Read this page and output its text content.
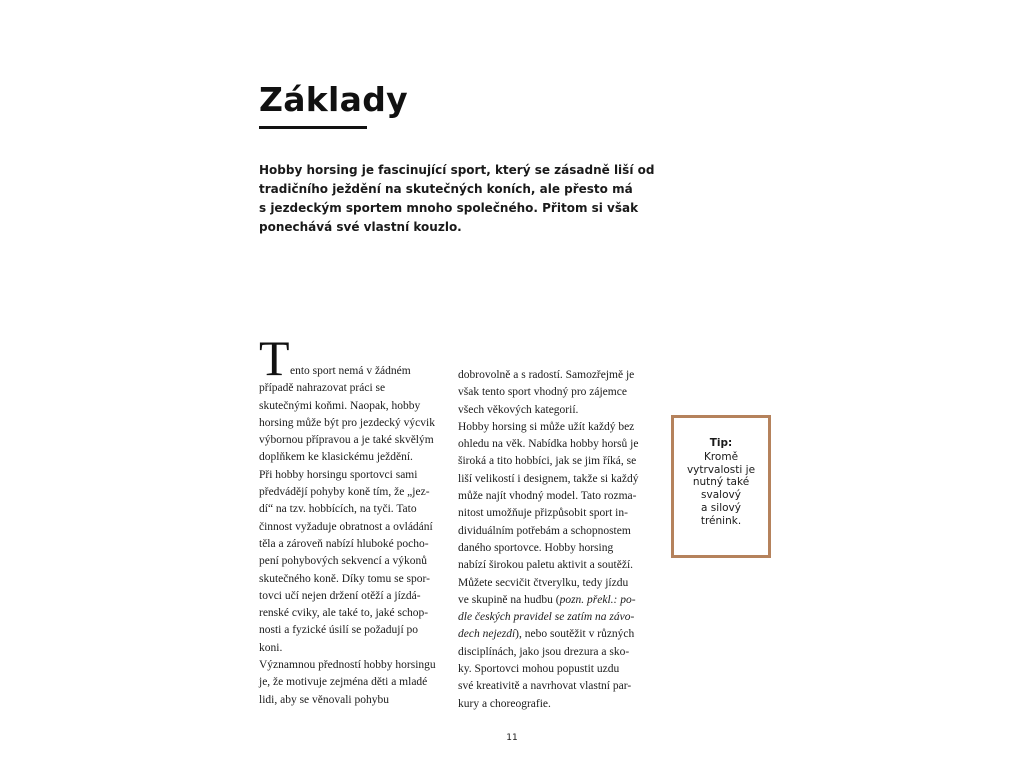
Základy

Hobby horsing je fascinující sport, který se zásadně liší od
tradičního ježdění na skutečných koních, ale přesto má
s jezdeckým sportem mnoho společného. Přitom si však
ponechává své vlastní kouzlo.

T ento sport nemá v žádném
případě nahrazovat práci se
skutečnými koňmi. Naopak, hobby
horsing může být pro jezdecký výcvik
výbornou přípravou a je také skvělým
doplňkem ke klasickému ježdění.
Při hobby horsingu sportovci sami
předvádějí pohyby koně tím, že „jez-
dí“ na tzv. hobbících, na tyči. Tato
činnost vyžaduje obratnost a ovládání
těla a zároveň nabízí hluboké pocho-
pení pohybových sekvencí a výkonů
skutečného koně. Díky tomu se spor-
tovci učí nejen držení otěží a jízdá-
renské cviky, ale také to, jaké schop-
nosti a fyzické úsilí se požadují po
koni.
Významnou předností hobby horsingu
je, že motivuje zejména děti a mladé
lidi, aby se věnovali pohybu
dobrovolně a s radostí. Samozřejmě je
však tento sport vhodný pro zájemce
všech věkových kategorií.
Hobby horsing si může užít každý bez
ohledu na věk. Nabídka hobby horsů je
široká a tito hobbíci, jak se jim říká, se
liší velikostí i designem, takže si každý
může najít vhodný model. Tato rozma-
nitost umožňuje přizpůsobit sport in-
dividuálním potřebám a schopnostem
daného sportovce. Hobby horsing
nabízí širokou paletu aktivit a soutěží.
Můžete secvičit čtverylku, tedy jízdu
ve skupině na hudbu (pozn. překl.: po-
dle českých pravidel se zatím na závo-
dech nejezdí), nebo soutěžit v různých
disciplínách, jako jsou drezura a sko-
ky. Sportovci mohou popustit uzdu
své kreativitě a navrhovat vlastní par-
kury a choreografie.
Tip:
Kromě
vytrvalosti je
nutný také
svalový
a silový
trénink.
11
